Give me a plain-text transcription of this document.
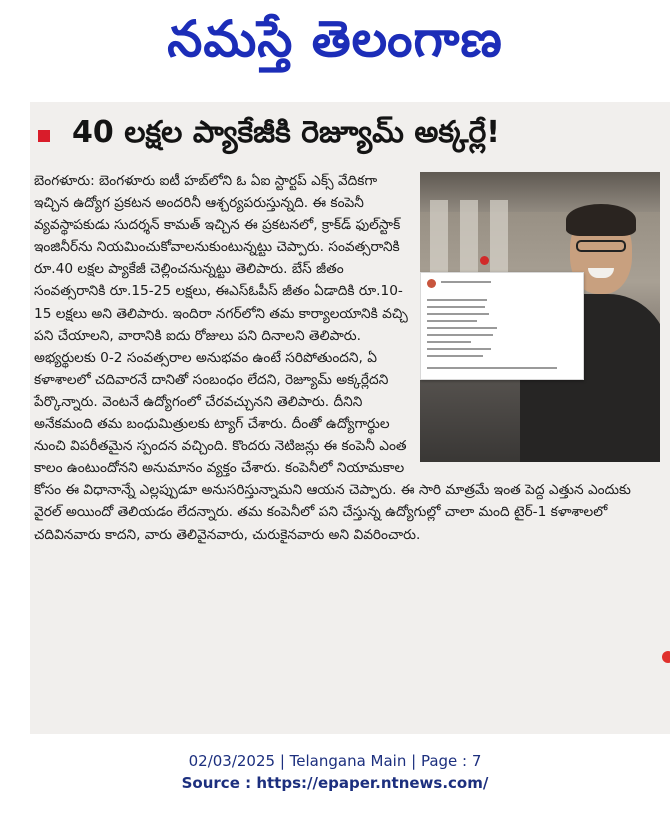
నమస్తే తెలంగాణ
40 లక్షల ప్యాకేజీకి రెజ్యూమ్ అక్కర్లే!
బెంగళూరు: బెంగళూరు ఐటీ హబ్‌లోని ఓ ఏఐ స్టార్టప్ ఎక్స్ వేదికగా ఇచ్చిన ఉద్యోగ ప్రకటన అందరినీ ఆశ్చర్యపరుస్తున్నది. ఈ కంపెనీ వ్యవస్థాపకుడు సుదర్శన్ కామత్ ఇచ్చిన ఈ ప్రకటనలో, క్రాక్‌డ్ ఫుల్‌స్టాక్ ఇంజినీర్‌ను నియమించుకోవాలనుకుంటున్నట్టు చెప్పారు. సంవత్సరానికి రూ.40 లక్షల ప్యాకేజీ చెల్లించనున్నట్టు తెలిపారు. బేస్ జీతం సంవత్సరానికి రూ.15-25 లక్షలు, ఈఎస్‌ఓపీస్ జీతం ఏడాదికి రూ.10-15 లక్షలు అని తెలిపారు. ఇందిరా నగర్‌లోని తమ కార్యాలయానికి వచ్చి పని చేయాలని, వారానికి ఐదు రోజులు పని దినాలని తెలిపారు. అభ్యర్థులకు 0-2 సంవత్సరాల అనుభవం ఉంటే సరిపోతుందని, ఏ కళాశాలలో చదివారనే దానితో సంబంధం లేదని, రెజ్యూమ్ అక్కర్లేదని పేర్కొన్నారు. వెంటనే ఉద్యోగంలో చేరవచ్చునని తెలిపారు. దీనిని అనేకమంది తమ బంధుమిత్రులకు ట్యాగ్ చేశారు. దీంతో ఉద్యోగార్థుల నుంచి విపరీతమైన స్పందన వచ్చింది. కొందరు నెటిజన్లు ఈ కంపెనీ ఎంత కాలం ఉంటుందోనని అనుమానం వ్యక్తం చేశారు. కంపెనీలో నియామకాల కోసం ఈ విధానాన్నే ఎల్లప్పుడూ అనుసరిస్తున్నామని ఆయన చెప్పారు. ఈ సారి మాత్రమే ఇంత పెద్ద ఎత్తున ఎందుకు వైరల్ అయిందో తెలియడం లేదన్నారు. తమ కంపెనీలో పని చేస్తున్న ఉద్యోగుల్లో చాలా మంది టైర్-1 కళాశాలలో చదివినవారు కాదని, వారు తెలివైనవారు, చురుకైనవారు అని వివరించారు.
02/03/2025 | Telangana Main | Page : 7
Source : https://epaper.ntnews.com/
